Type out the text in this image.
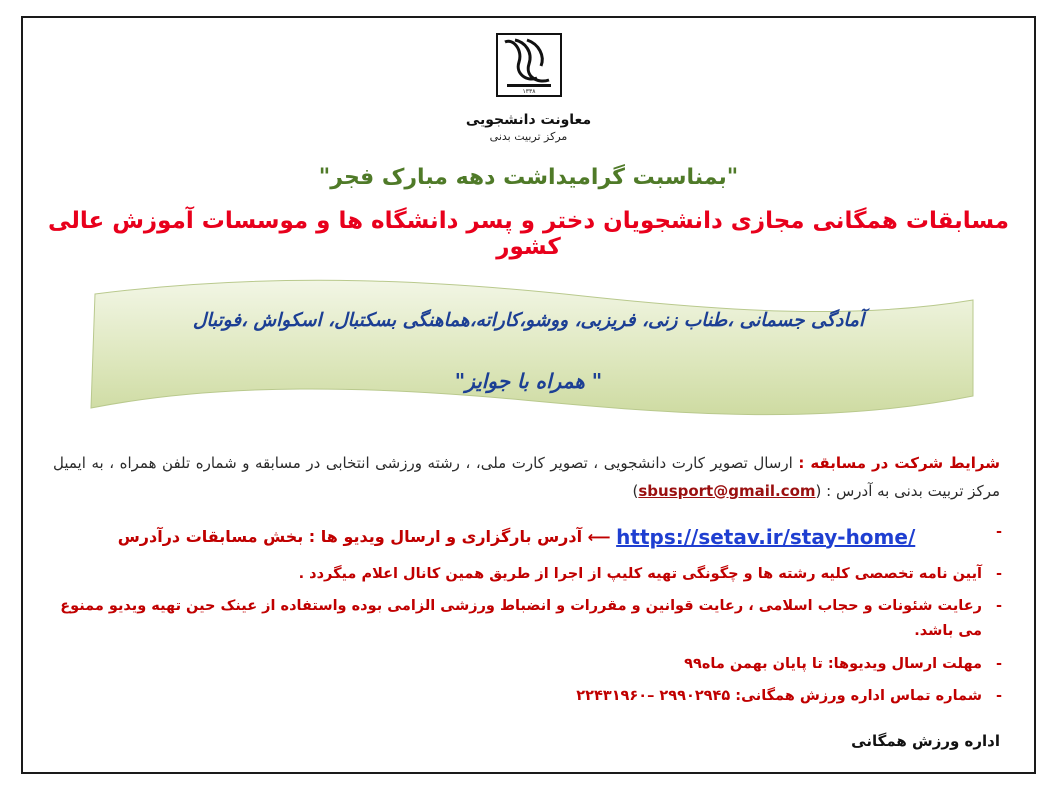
۱۳۳۸
معاونت دانشجویی
مرکز تربیت بدنی
"بمناسبت گرامیداشت دهه مبارک فجر"
مسابقات همگانی مجازی دانشجویان دختر و پسر دانشگاه ها و موسسات آموزش عالی کشور
آمادگی جسمانی ،طناب زنی، فریزبی، ووشو،کاراته،هماهنگی بسکتبال، اسکواش ،فوتبال
" همراه با جوایز"

شرایط شرکت در مسابقه : ارسال تصویر کارت دانشجویی ، تصویر کارت ملی، ، رشته ورزشی انتخابی در مسابقه و شماره تلفن همراه ، به ایمیل مرکز تربیت بدنی به آدرس : (sbusport@gmail.com)

-
https://setav.ir/stay-home/ ⟵ آدرس بارگزاری و ارسال ویدیو ها : بخش مسابقات درآدرس
-
آیین نامه تخصصی کلیه رشته ها و چگونگی تهیه کلیپ از اجرا از طریق همین کانال اعلام میگردد .
-
رعایت شئونات و حجاب اسلامی ، رعایت قوانین و مقررات و انضباط ورزشی الزامی بوده واستفاده از عینک حین تهیه ویدیو ممنوع می باشد.
-
مهلت ارسال ویدیوها: تا پایان بهمن ماه۹۹
-
شماره تماس اداره ورزش همگانی: ۲۹۹۰۲۹۴۵ –۲۲۴۳۱۹۶۰
اداره ورزش همگانی
